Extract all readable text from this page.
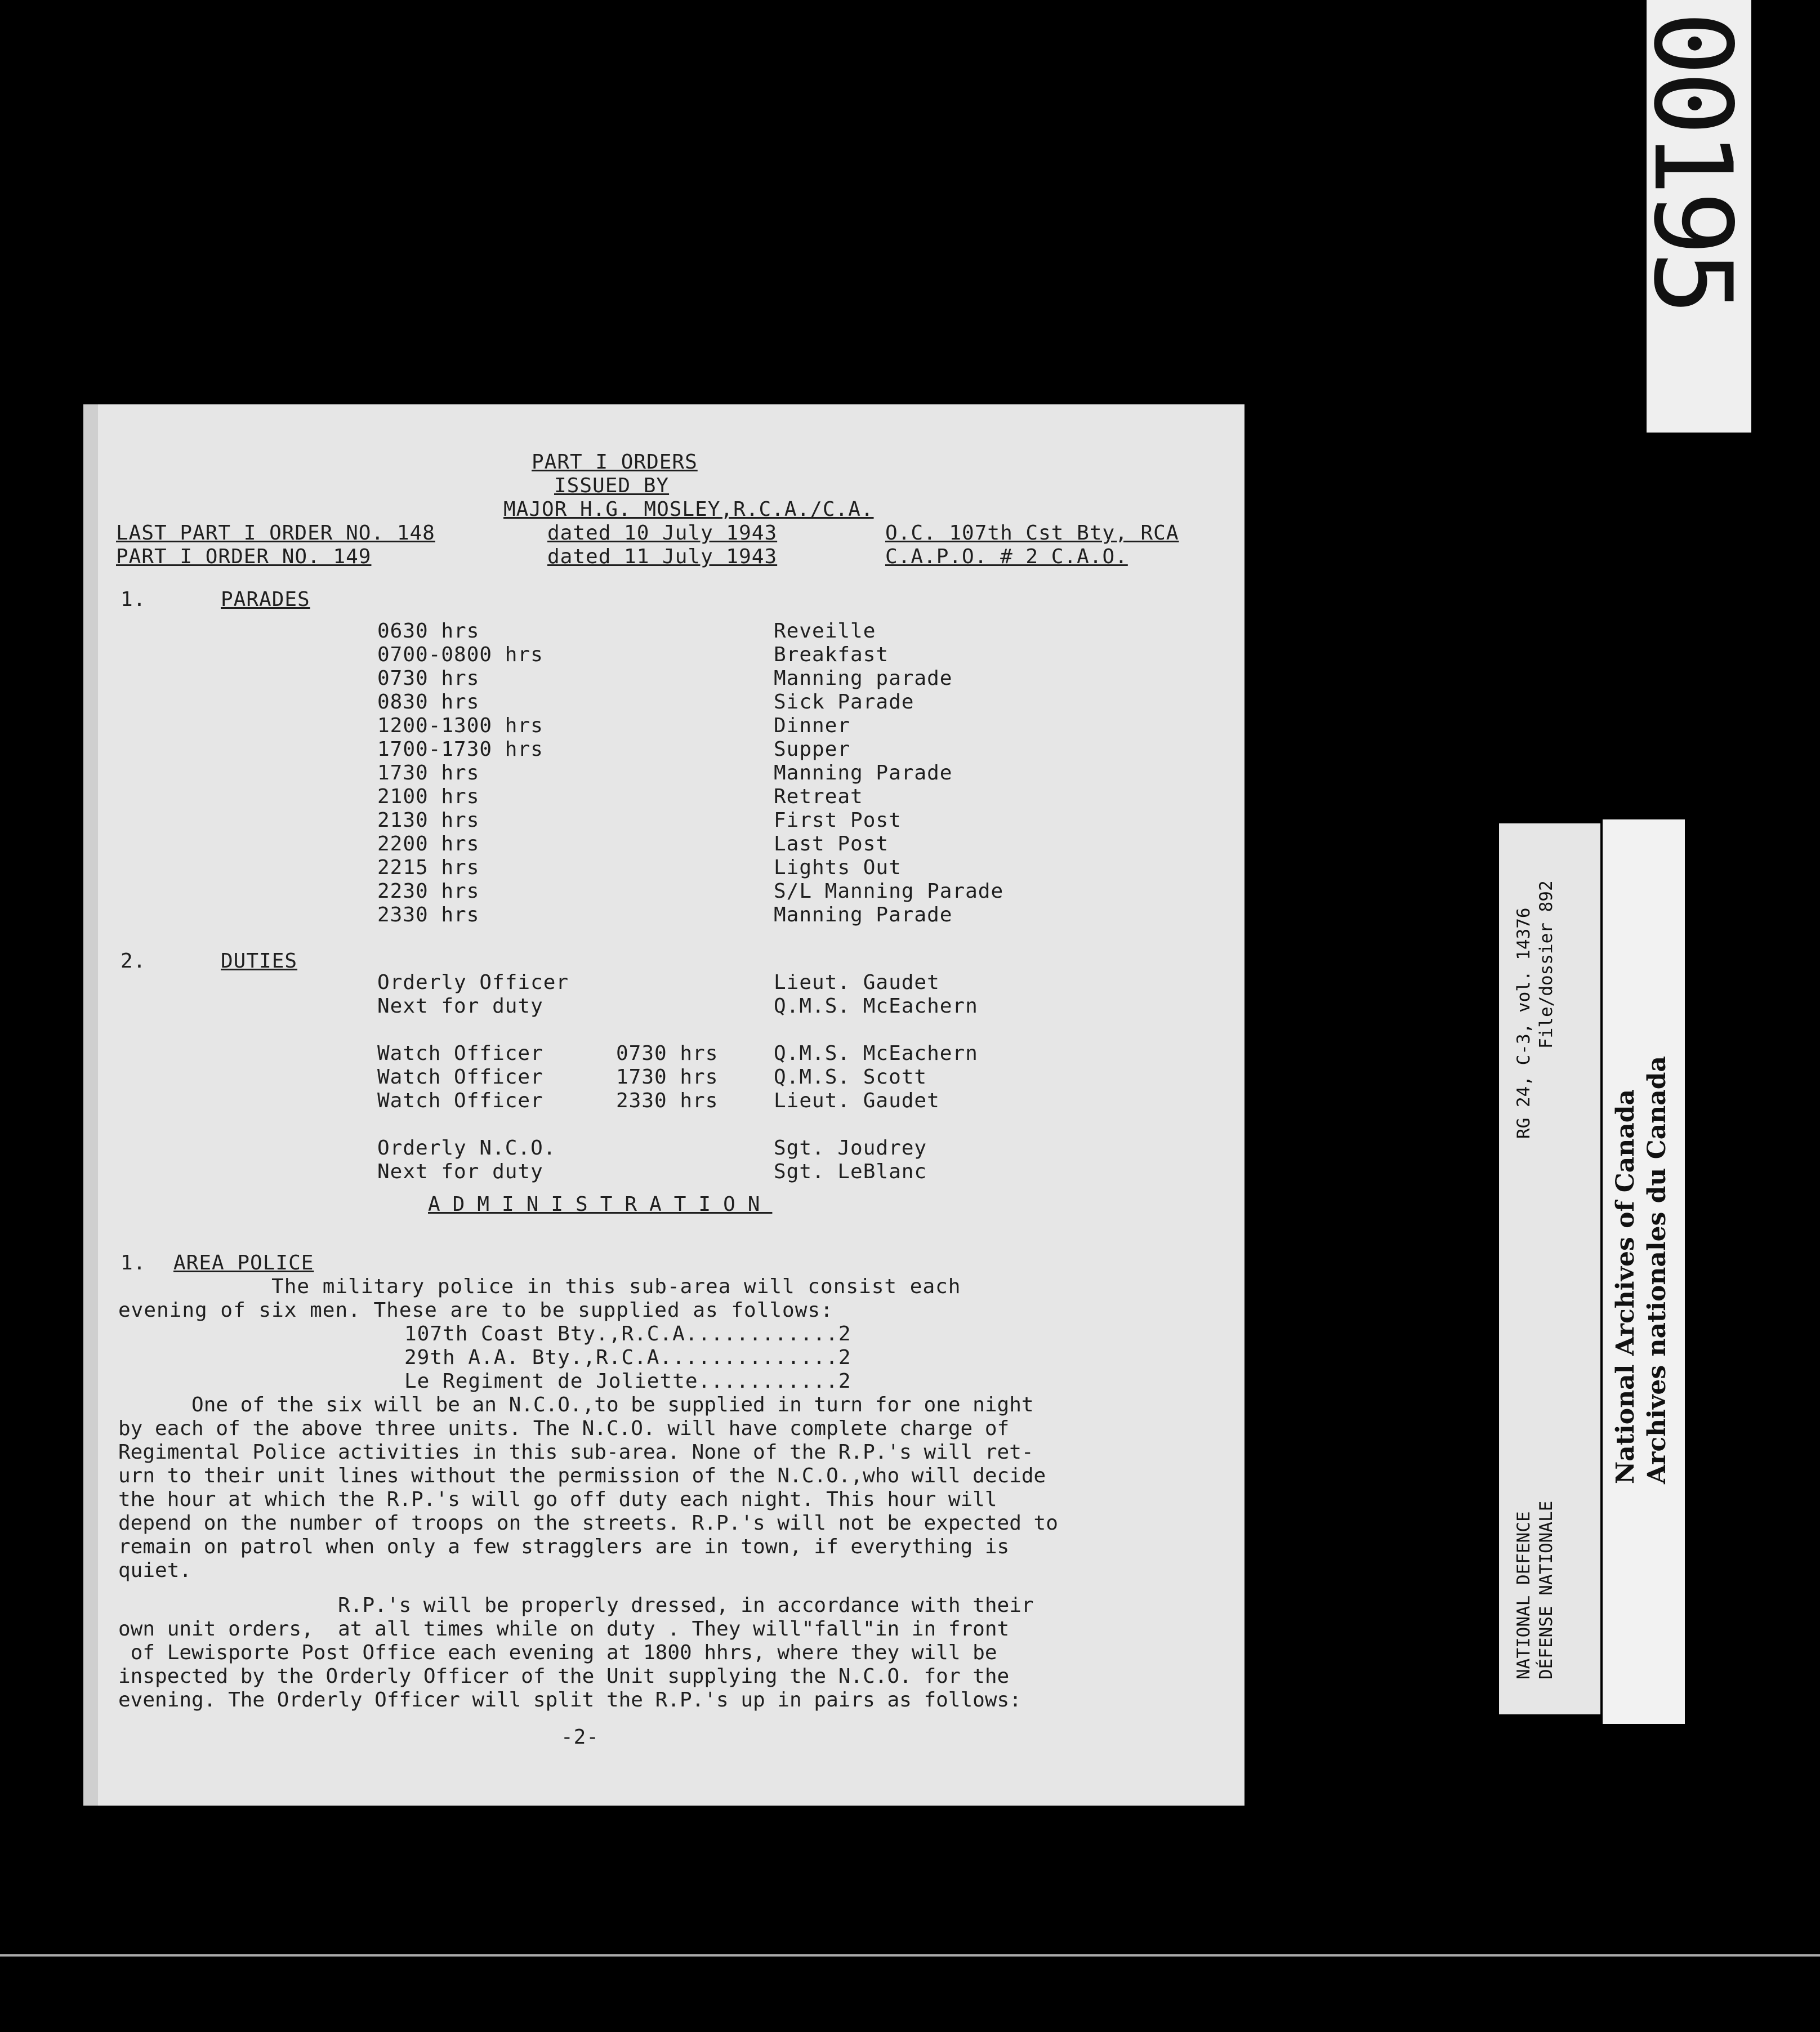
PART I ORDERS
ISSUED BY
MAJOR H.G. MOSLEY,R.C.A./C.A.
LAST PART I ORDER NO. 148	dated 10 July 1943	O.C. 107th Cst Bty, RCA
PART I ORDER NO. 149	dated 11 July 1943	C.A.P.O. # 2 C.A.O.
1.	PARADES
0630 hrs	Reveille
0700-0800 hrs	Breakfast
0730 hrs	Manning parade
0830 hrs	Sick Parade
1200-1300 hrs	Dinner
1700-1730 hrs	Supper
1730 hrs	Manning Parade
2100 hrs	Retreat
2130 hrs	First Post
2200 hrs	Last Post
2215 hrs	Lights Out
2230 hrs	S/L Manning Parade
2330 hrs	Manning Parade
2.	DUTIES
Orderly Officer	Lieut. Gaudet
Next for duty	Q.M.S. McEachern
Watch Officer	0730 hrs	Q.M.S. McEachern
Watch Officer	1730 hrs	Q.M.S. Scott
Watch Officer	2330 hrs	Lieut. Gaudet
Orderly N.C.O.	Sgt. Joudrey
Next for duty	Sgt. LeBlanc
ADMINISTRATION
1. AREA POLICE
The military police in this sub-area will consist each
evening of six men. These are to be supplied as follows:
107th Coast Bty.,R.C.A............2
29th A.A. Bty.,R.C.A..............2
Le Regiment de Joliette...........2
One of the six will be an N.C.O.,to be supplied in turn for one night
by each of the above three units. The N.C.O. will have complete charge of
Regimental Police activities in this sub-area. None of the R.P.'s will ret-
urn to their unit lines without the permission of the N.C.O.,who will decide
the hour at which the R.P.'s will go off duty each night. This hour will
depend on the number of troops on the streets. R.P.'s will not be expected to
remain on patrol when only a few stragglers are in town, if everything is
quiet.
R.P.'s will be properly dressed, in accordance with their
own unit orders,  at all times while on duty . They will"fall"in in front
of Lewisporte Post Office each evening at 1800 hhrs, where they will be
inspected by the Orderly Officer of the Unit supplying the N.C.O. for the
evening. The Orderly Officer will split the R.P.'s up in pairs as follows:
-2-
00195
RG 24, C-3, vol. 14376 File/dossier 892
NATIONAL DEFENCE DÉFENSE NATIONALE
National Archives of Canada Archives nationales du Canada
